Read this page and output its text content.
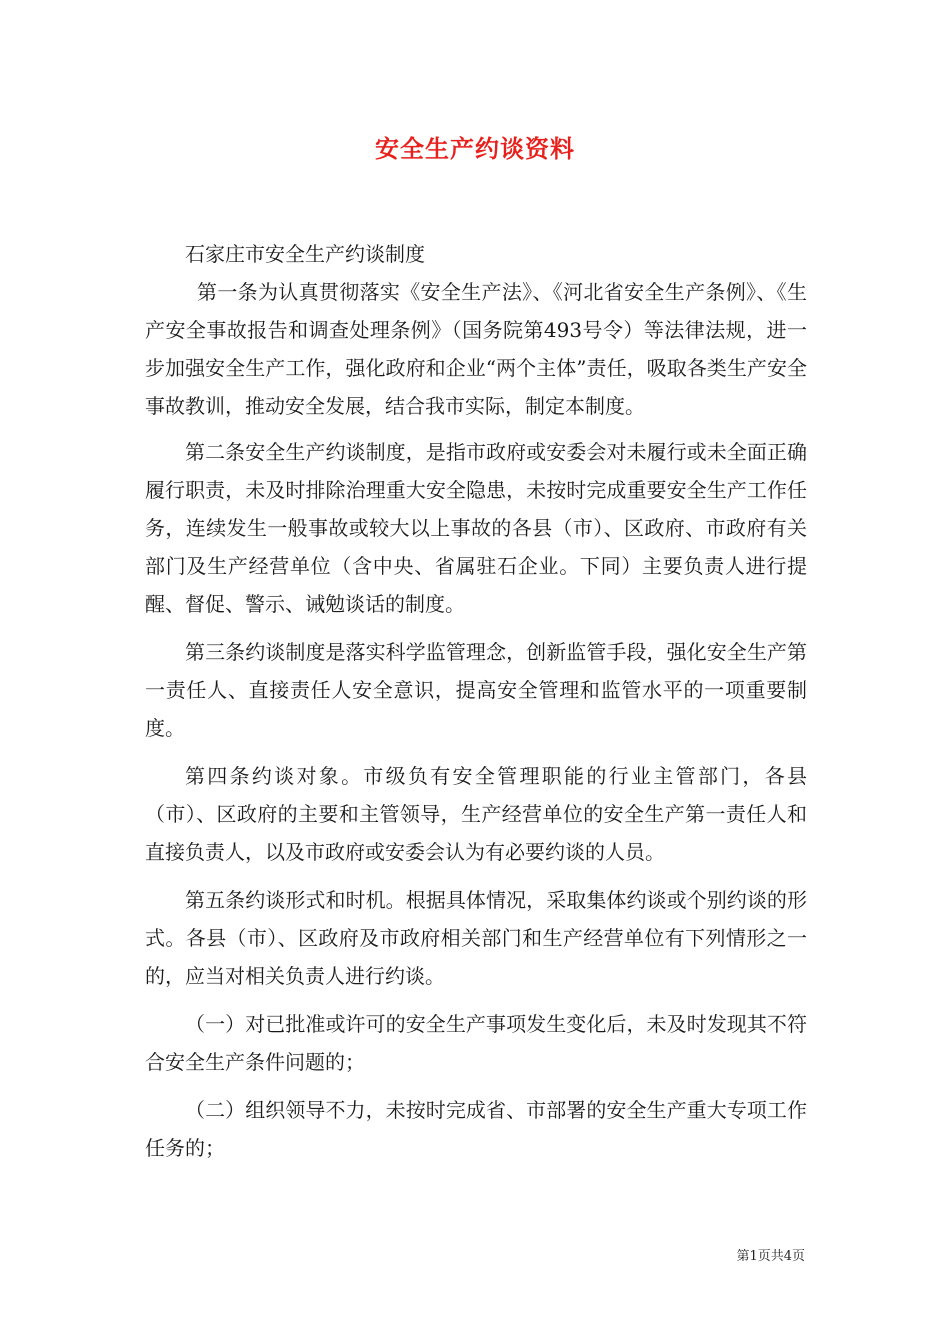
安全生产约谈资料

石家庄市安全生产约谈制度

第一条为认真贯彻落实《安全生产法》、《河北省安全生产条例》、《生产安全事故报告和调查处理条例》（国务院第493号令）等法律法规，进一步加强安全生产工作，强化政府和企业“两个主体”责任，吸取各类生产安全事故教训，推动安全发展，结合我市实际，制定本制度。

第二条安全生产约谈制度，是指市政府或安委会对未履行或未全面正确履行职责，未及时排除治理重大安全隐患，未按时完成重要安全生产工作任务，连续发生一般事故或较大以上事故的各县（市）、区政府、市政府有关部门及生产经营单位（含中央、省属驻石企业。下同）主要负责人进行提醒、督促、警示、诫勉谈话的制度。

第三条约谈制度是落实科学监管理念，创新监管手段，强化安全生产第一责任人、直接责任人安全意识，提高安全管理和监管水平的一项重要制度。

第四条约谈对象。市级负有安全管理职能的行业主管部门，各县（市）、区政府的主要和主管领导，生产经营单位的安全生产第一责任人和直接负责人，以及市政府或安委会认为有必要约谈的人员。

第五条约谈形式和时机。根据具体情况，采取集体约谈或个别约谈的形式。各县（市）、区政府及市政府相关部门和生产经营单位有下列情形之一的，应当对相关负责人进行约谈。

（一）对已批准或许可的安全生产事项发生变化后，未及时发现其不符合安全生产条件问题的；

（二）组织领导不力，未按时完成省、市部署的安全生产重大专项工作任务的；

第1页共4页
